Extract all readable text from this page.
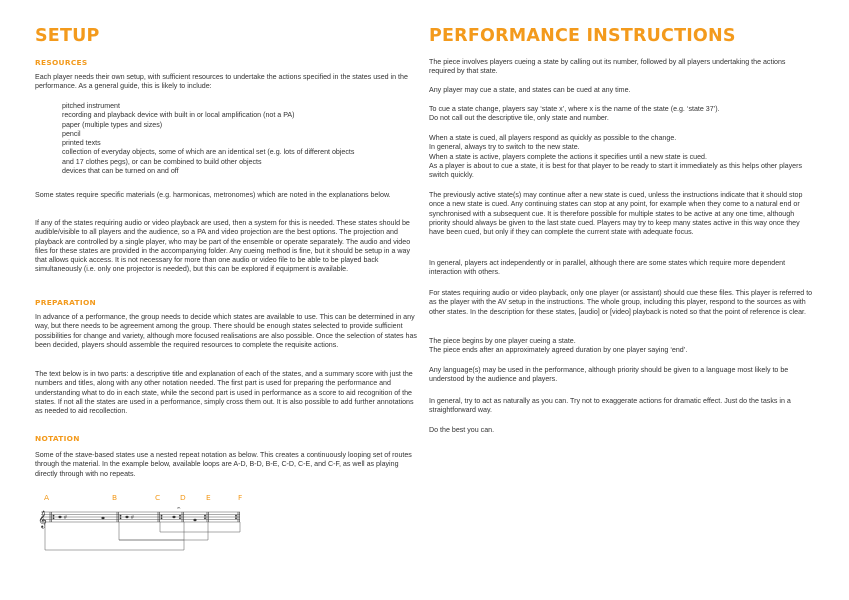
SETUP
RESOURCES

Each player needs their own setup, with sufficient resources to undertake the actions specified in the states used in the performance. As a general guide, this is likely to include:

pitched instrument
recording and playback device with built in or local amplification (not a PA)
paper (multiple types and sizes)
pencil
printed texts
collection of everyday objects, some of which are an identical set (e.g. lots of different objects
and 17 clothes pegs), or can be combined to build other objects
devices that can be turned on and off

Some states require specific materials (e.g. harmonicas, metronomes) which are noted in the explanations below.

If any of the states requiring audio or video playback are used, then a system for this is needed. These states should be audible/visible to all players and the audience, so a PA and video projection are the best options. The projection and playback are controlled by a single player, who may be part of the ensemble or operate separately. The audio and video files for these states are provided in the accompanying folder. Any cueing method is fine, but it should be setup in a way that allows quick access. It is not necessary for more than one audio or video file to be able to be played back simultaneously (i.e. only one projector is needed), but this can be explored if equipment is available.

PREPARATION

In advance of a performance, the group needs to decide which states are available to use. This can be determined in any way, but there needs to be agreement among the group. There should be enough states selected to provide sufficient possibilities for change and variety, although more focused realisations are also possible. Once the selection of states has been decided, players should assemble the required resources to complete the requisite actions.

The text below is in two parts: a descriptive title and explanation of each of the states, and a summary score with just the numbers and titles, along with any other notation needed. The first part is used for preparing the performance and understanding what to do in each state, while the second part is used in performance as a score to aid recognition of the states. If not all the states are used in a performance, simply cross them out. It is also possible to add further annotations as needed to aid recollection.

NOTATION

Some of the stave-based states use a nested repeat notation as below. This creates a continuously looping set of routes through the material. In the example below, available loops are A-D, B-D, B-E, C-D, C-E, and C-F, as well as playing directly through with no repeats.

A	B	C	D	E	F
𝄞	#	#
𝄐
PERFORMANCE INSTRUCTIONS

The piece involves players cueing a state by calling out its number, followed by all players undertaking the actions required by that state.

Any player may cue a state, and states can be cued at any time.

To cue a state change, players say ‘state x’, where x is the name of the state (e.g. ‘state 37’).
Do not call out the descriptive tile, only state and number.
When a state is cued, all players respond as quickly as possible to the change.
In general, always try to switch to the new state.
When a state is active, players complete the actions it specifies until a new state is cued.
As a player is about to cue a state, it is best for that player to be ready to start it immediately as this helps other players switch quickly.

The previously active state(s) may continue after a new state is cued, unless the instructions indicate that it should stop once a new state is cued. Any continuing states can stop at any point, for example when they come to a natural end or synchronised with a subsequent cue. It is therefore possible for multiple states to be active at any one time, although priority should always be given to the last state cued. Players may try to keep many states active in this way once they have been cued, but only if they can complete the current state with adequate focus.

In general, players act independently or in parallel, although there are some states which require more dependent interaction with others.

For states requiring audio or video playback, only one player (or assistant) should cue these files. This player is referred to as the player with the AV setup in the instructions. The whole group, including this player, respond to the sources as with other states. In the description for these states, [audio] or [video] playback is noted so that the point of reference is clear.

The piece begins by one player cueing a state.
The piece ends after an approximately agreed duration by one player saying ‘end’.

Any language(s) may be used in the performance, although priority should be given to a language most likely to be understood by the audience and players.

In general, try to act as naturally as you can. Try not to exaggerate actions for dramatic effect. Just do the tasks in a straightforward way.

Do the best you can.
